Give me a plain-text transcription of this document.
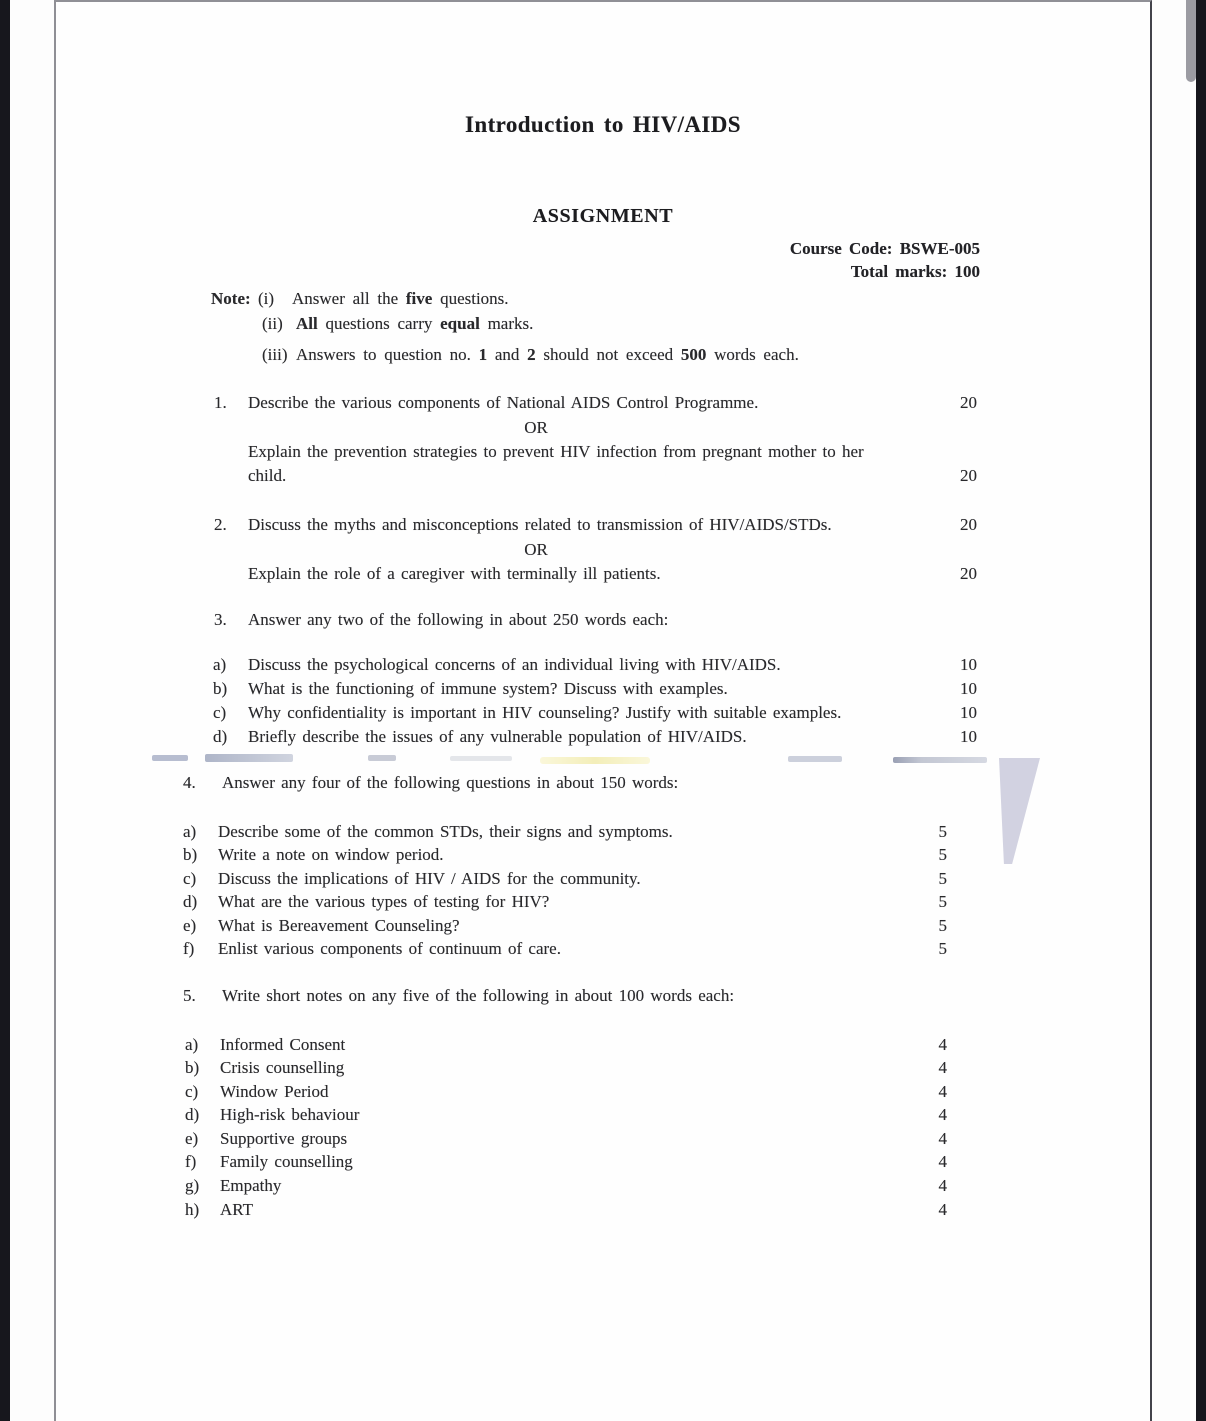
Introduction to HIV/AIDS
ASSIGNMENT
Course Code: BSWE-005
Total marks: 100
Note: (i)	Answer all the five questions.
(ii) All questions carry equal marks.
(iii) Answers to question no. 1 and 2 should not exceed 500 words each.
1.	Describe the various components of National AIDS Control Programme.	20
OR
Explain the prevention strategies to prevent HIV infection from pregnant mother to her
child.	20
2.	Discuss the myths and misconceptions related to transmission of HIV/AIDS/STDs.	20
OR
Explain the role of a caregiver with terminally ill patients.	20
3.	Answer any two of the following in about 250 words each:
a)	Discuss the psychological concerns of an individual living with HIV/AIDS.	10
b)	What is the functioning of immune system? Discuss with examples.	10
c)	Why confidentiality is important in HIV counseling? Justify with suitable examples.	10
d)	Briefly describe the issues of any vulnerable population of HIV/AIDS.	10
4.	Answer any four of the following questions in about 150 words:
a)	Describe some of the common STDs, their signs and symptoms.	5
b)	Write a note on window period.	5
c)	Discuss the implications of HIV / AIDS for the community.	5
d)	What are the various types of testing for HIV?	5
e)	What is Bereavement Counseling?	5
f)	Enlist various components of continuum of care.	5
5.	Write short notes on any five of the following in about 100 words each:
a)	Informed Consent	4
b)	Crisis counselling	4
c)	Window Period	4
d)	High-risk behaviour	4
e)	Supportive groups	4
f)	Family counselling	4
g)	Empathy	4
h)	ART	4
